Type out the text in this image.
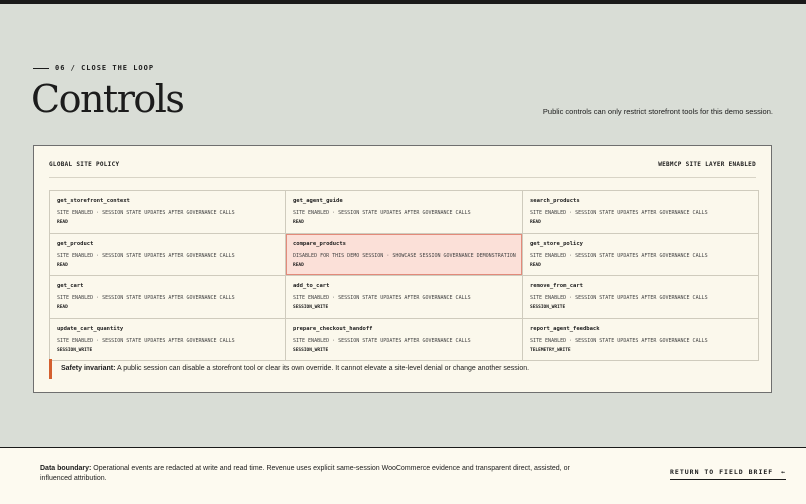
06 / CLOSE THE LOOP
Controls	Public controls can only restrict storefront tools for this demo session.
GLOBAL SITE POLICY	WEBMCP SITE LAYER ENABLED
get_storefront_context
SITE ENABLED · SESSION STATE UPDATES AFTER GOVERNANCE CALLS
READ
get_agent_guide
SITE ENABLED · SESSION STATE UPDATES AFTER GOVERNANCE CALLS
READ
search_products
SITE ENABLED · SESSION STATE UPDATES AFTER GOVERNANCE CALLS
READ
get_product
SITE ENABLED · SESSION STATE UPDATES AFTER GOVERNANCE CALLS
READ
compare_products
DISABLED FOR THIS DEMO SESSION · SHOWCASE SESSION GOVERNANCE DEMONSTRATION
READ
get_store_policy
SITE ENABLED · SESSION STATE UPDATES AFTER GOVERNANCE CALLS
READ
get_cart
SITE ENABLED · SESSION STATE UPDATES AFTER GOVERNANCE CALLS
READ
add_to_cart
SITE ENABLED · SESSION STATE UPDATES AFTER GOVERNANCE CALLS
SESSION_WRITE
remove_from_cart
SITE ENABLED · SESSION STATE UPDATES AFTER GOVERNANCE CALLS
SESSION_WRITE
update_cart_quantity
SITE ENABLED · SESSION STATE UPDATES AFTER GOVERNANCE CALLS
SESSION_WRITE
prepare_checkout_handoff
SITE ENABLED · SESSION STATE UPDATES AFTER GOVERNANCE CALLS
SESSION_WRITE
report_agent_feedback
SITE ENABLED · SESSION STATE UPDATES AFTER GOVERNANCE CALLS
TELEMETRY_WRITE
Safety invariant: A public session can disable a storefront tool or clear its own override. It cannot elevate a site-level denial or change another session.
Data boundary: Operational events are redacted at write and read time. Revenue uses explicit same-session WooCommerce evidence and transparent direct, assisted, or influenced attribution.
RETURN TO FIELD BRIEF ←
